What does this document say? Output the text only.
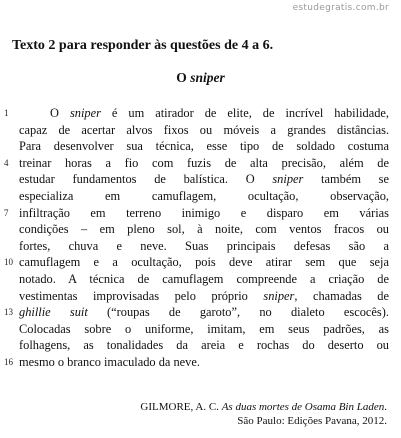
estudegratis.com.br
Texto 2 para responder às questões de 4 a 6.
O sniper
O sniper é um atirador de elite, de incrível habilidade,
1
capaz de acertar alvos fixos ou móveis a grandes distâncias.
Para desenvolver sua técnica, esse tipo de soldado costuma
treinar horas a fio com fuzis de alta precisão, além de
4
estudar fundamentos de balística. O sniper também se
especializa em camuflagem, ocultação, observação,
infiltração em terreno inimigo e disparo em várias
7
condições – em pleno sol, à noite, com ventos fracos ou
fortes, chuva e neve. Suas principais defesas são a
camuflagem e a ocultação, pois deve atirar sem que seja
10
notado. A técnica de camuflagem compreende a criação de
vestimentas improvisadas pelo próprio sniper, chamadas de
ghillie suit (“roupas de garoto”, no dialeto escocês).
13
Colocadas sobre o uniforme, imitam, em seus padrões, as
folhagens, as tonalidades da areia e rochas do deserto ou
mesmo o branco imaculado da neve.
16
GILMORE, A. C. As duas mortes de Osama Bin Laden.
São Paulo: Edições Pavana, 2012.
